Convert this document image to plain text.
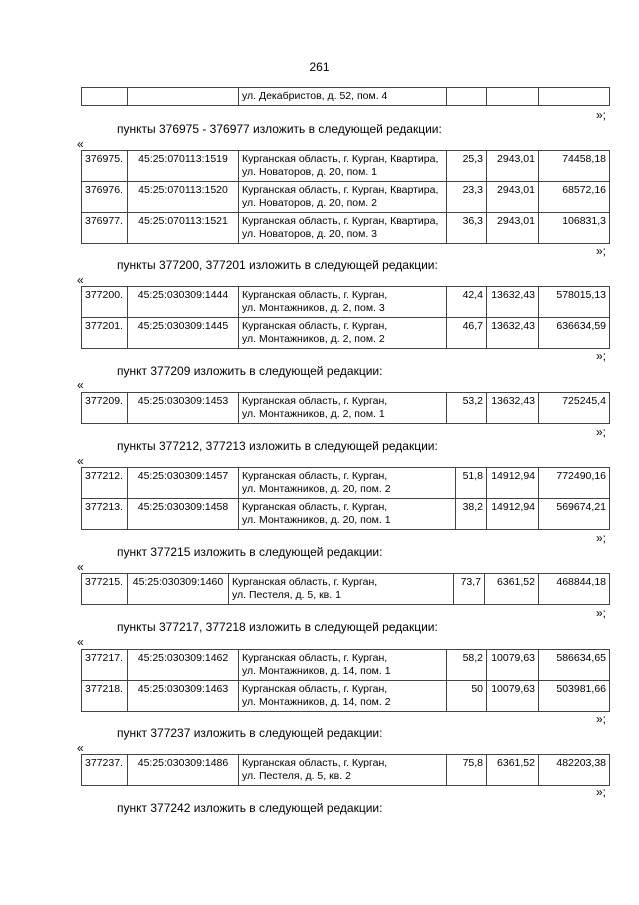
261
		ул. Декабристов, д. 52, пом. 4			
»;
пункты 376975 - 376977 изложить в следующей редакции:
«
376975.	45:25:070113:1519	Курганская область, г. Курган, Квартира,
ул. Новаторов, д. 20, пом. 1	25,3	2943,01	74458,18
376976.	45:25:070113:1520	Курганская область, г. Курган, Квартира,
ул. Новаторов, д. 20, пом. 2	23,3	2943,01	68572,16
376977.	45:25:070113:1521	Курганская область, г. Курган, Квартира,
ул. Новаторов, д. 20, пом. 3	36,3	2943,01	106831,3
»;
пункты 377200, 377201 изложить в следующей редакции:
«
377200.	45:25:030309:1444	Курганская область, г. Курган,
ул. Монтажников, д. 2, пом. 3	42,4	13632,43	578015,13
377201.	45:25:030309:1445	Курганская область, г. Курган,
ул. Монтажников, д. 2, пом. 2	46,7	13632,43	636634,59
»;
пункт 377209 изложить в следующей редакции:
«
377209.	45:25:030309:1453	Курганская область, г. Курган,
ул. Монтажников, д. 2, пом. 1
	53,2	13632,43	725245,4
»;
пункты 377212, 377213 изложить в следующей редакции:
«
377212.	45:25:030309:1457	Курганская область, г. Курган,
ул. Монтажников, д. 20, пом. 2	51,8	14912,94	772490,16
377213.	45:25:030309:1458	Курганская область, г. Курган,
ул. Монтажников, д. 20, пом. 1	38,2	14912,94	569674,21
»;
пункт 377215 изложить в следующей редакции:
«
377215.	45:25:030309:1460	Курганская область, г. Курган,
ул. Пестеля, д. 5, кв. 1
	73,7	6361,52	468844,18
»;
пункты 377217, 377218 изложить в следующей редакции:
«
377217.	45:25:030309:1462	Курганская область, г. Курган,
ул. Монтажников, д. 14, пом. 1	58,2	10079,63	586634,65
377218.	45:25:030309:1463	Курганская область, г. Курган,
ул. Монтажников, д. 14, пом. 2	50	10079,63	503981,66
»;
пункт 377237 изложить в следующей редакции:
«
377237.	45:25:030309:1486	Курганская область, г. Курган,
ул. Пестеля, д. 5, кв. 2
	75,8	6361,52	482203,38
»;
пункт 377242 изложить в следующей редакции:
